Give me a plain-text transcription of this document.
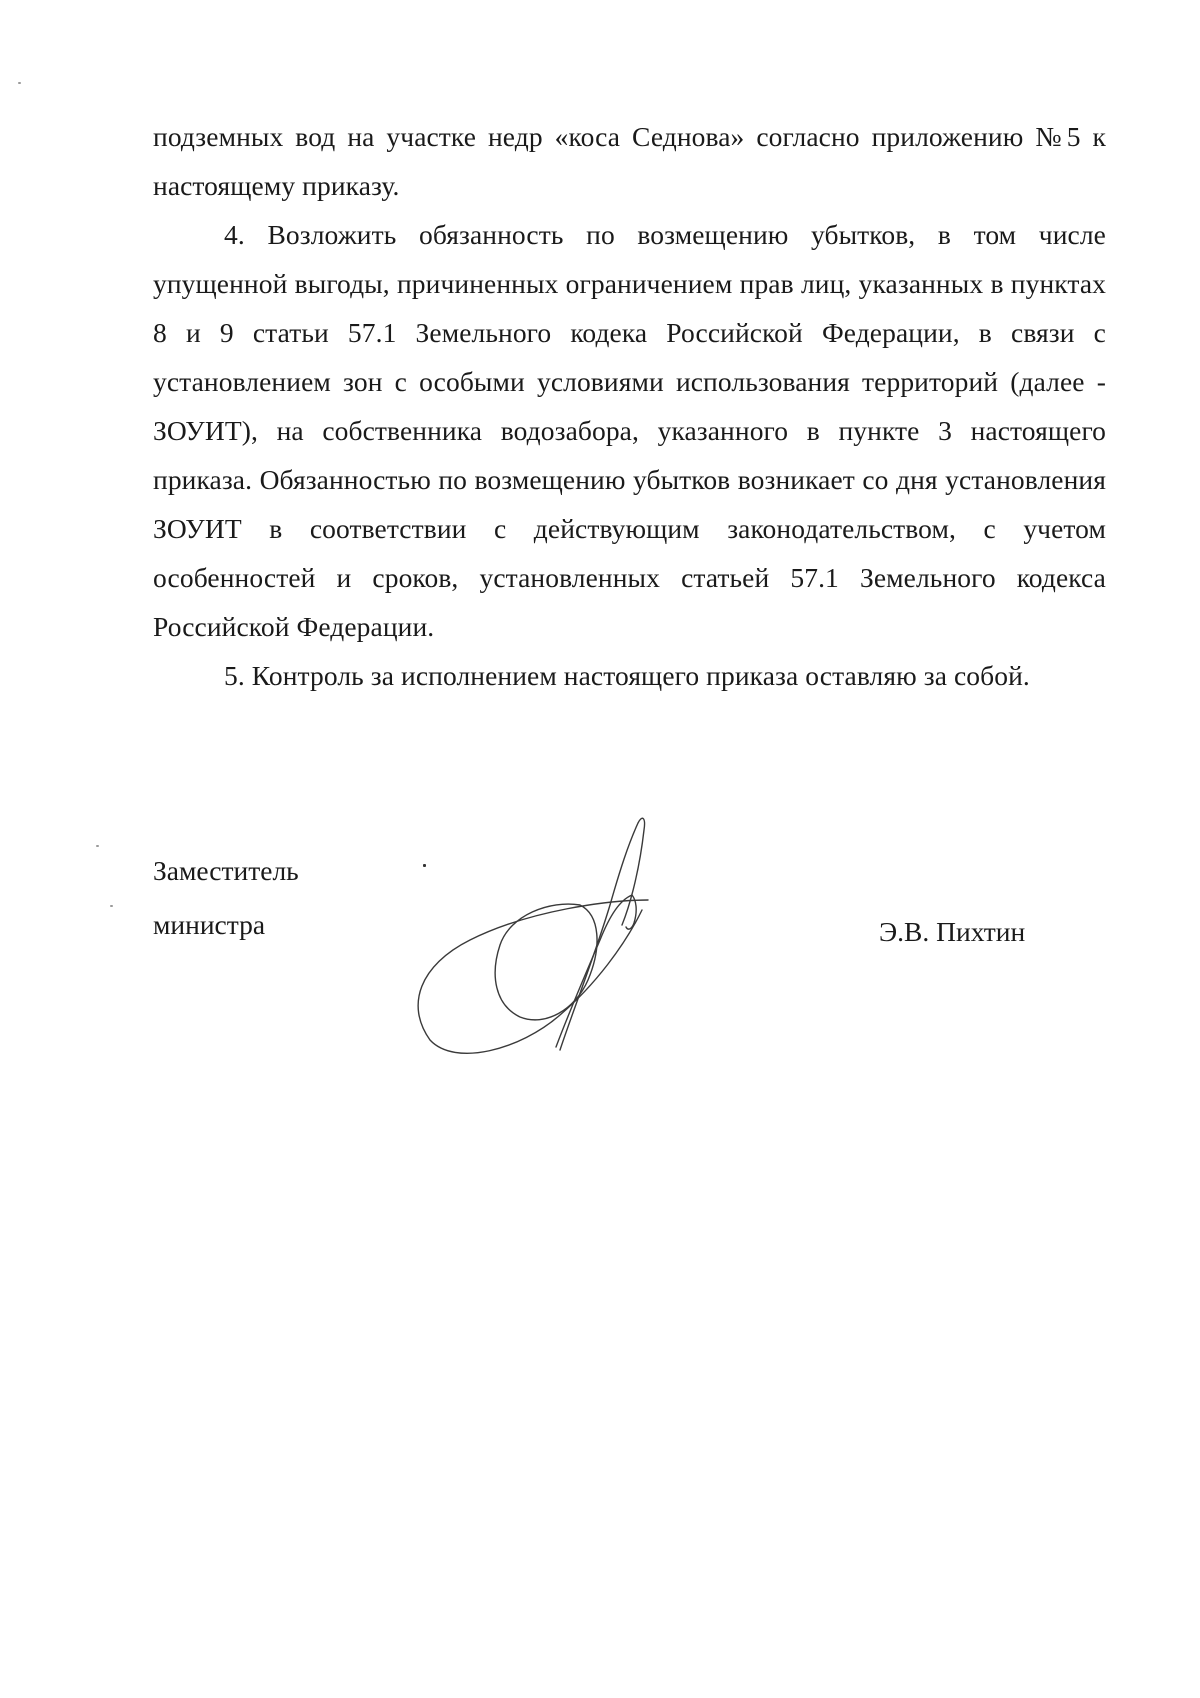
подземных вод на участке недр «коса Седнова» согласно приложению №5 к настоящему приказу.

4. Возложить обязанность по возмещению убытков, в том числе упущенной выгоды, причиненных ограничением прав лиц, указанных в пунктах 8 и 9 статьи 57.1 Земельного кодека Российской Федерации, в связи с установлением зон с особыми условиями использования территорий (далее - ЗОУИТ), на собственника водозабора, указанного в пункте 3 настоящего приказа. Обязанностью по возмещению убытков возникает со дня установления ЗОУИТ в соответствии с действующим законодательством, с учетом особенностей и сроков, установленных статьей 57.1 Земельного кодекса Российской Федерации.

5. Контроль за исполнением настоящего приказа оставляю за собой.

Заместитель
министра	Э.В. Пихтин
